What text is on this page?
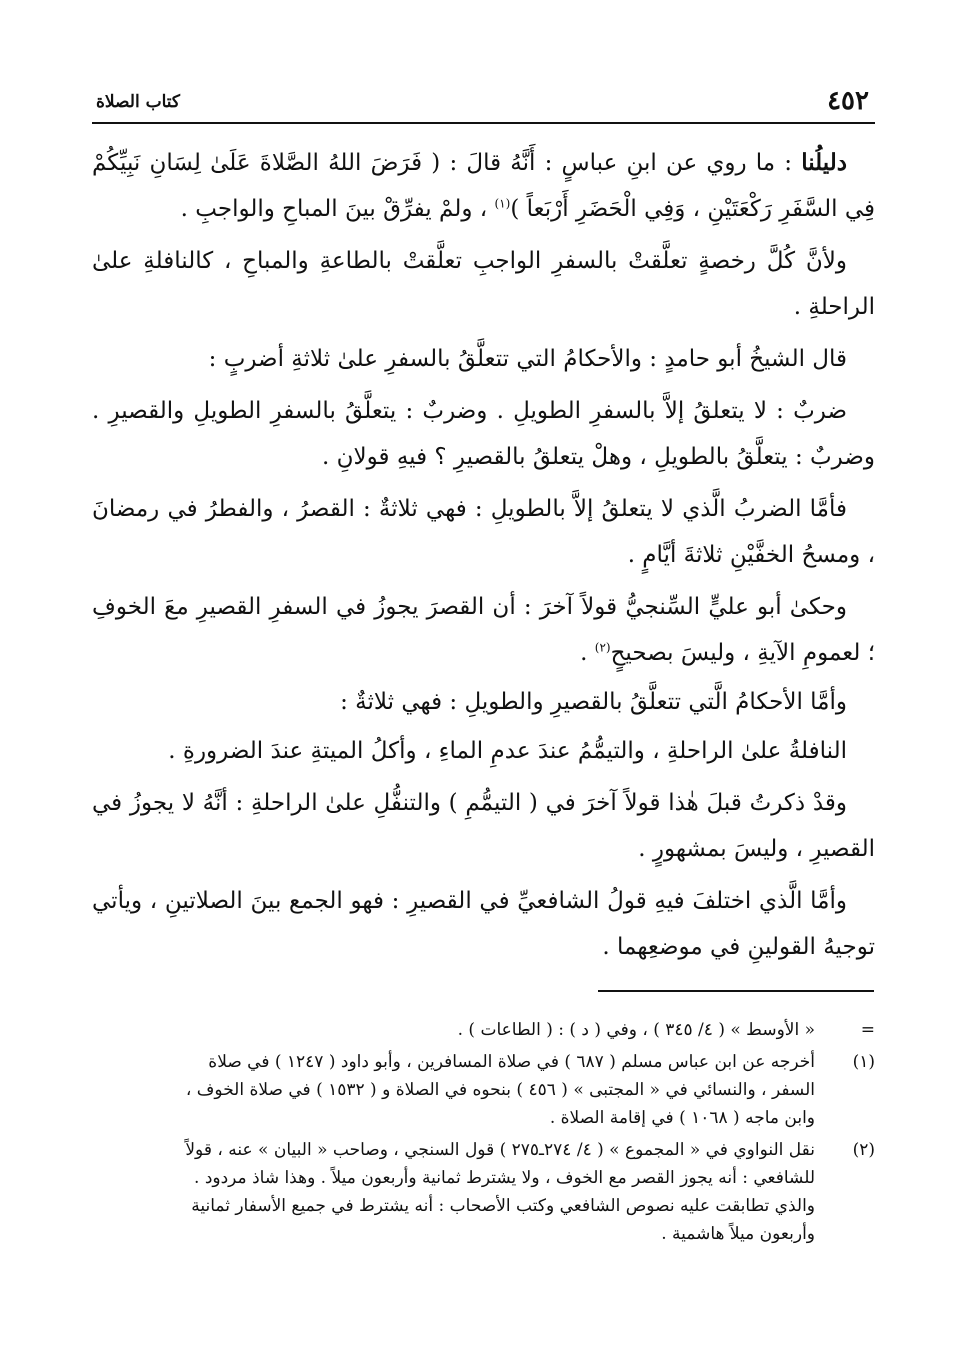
٤٥٢
كتاب الصلاة

دليلُنا : ما روي عن ابنِ عباسٍ : أَنَّهُ قالَ : ( فَرَضَ اللهُ الصَّلاةَ عَلَىٰ لِسَانِ نَبِيِّكُمْ فِي السَّفَرِ رَكْعَتَيْنِ ، وَفِي الْحَضَرِ أَرْبَعاً )$^{(١)}$ ، ولمْ يفرِّقْ بينَ المباحِ والواجبِ .

ولأنَّ كُلَّ رخصةٍ تعلَّقتْ بالسفرِ الواجبِ تعلَّقتْ بالطاعةِ والمباحِ ، كالنافلةِ علىٰ الراحلةِ .

قال الشيخُ أبو حامدٍ : والأحكامُ التي تتعلَّقُ بالسفرِ علىٰ ثلاثةِ أضربٍ :

ضربٌ : لا يتعلقُ إلاَّ بالسفرِ الطويلِ . وضربٌ : يتعلَّقُ بالسفرِ الطويلِ والقصيرِ . وضربٌ : يتعلَّقُ بالطويلِ ، وهلْ يتعلقُ بالقصيرِ ؟ فيهِ قولانِ .

فأمَّا الضربُ الَّذي لا يتعلقُ إلاَّ بالطويلِ : فهي ثلاثةٌ : القصرُ ، والفطرُ في رمضانَ ، ومسحُ الخفَّيْنِ ثلاثةَ أيَّامٍ .

وحكىٰ أبو عليٍّ السِّنجيُّ قولاً آخرَ : أن القصرَ يجوزُ في السفرِ القصيرِ معَ الخوفِ ؛ لعمومِ الآيةِ ، وليسَ بصحيحٍ$^{(٢)}$ .

وأمَّا الأحكامُ الَّتي تتعلَّقُ بالقصيرِ والطويلِ : فهي ثلاثةٌ :

النافلةُ علىٰ الراحلةِ ، والتيمُّمُ عندَ عدمِ الماءِ ، وأكلُ الميتةِ عندَ الضرورةِ .

وقدْ ذكرتُ قبلَ هٰذا قولاً آخرَ في ( التيمُّمِ ) والتنفُّلِ علىٰ الراحلةِ : أنَّهُ لا يجوزُ في القصيرِ ، وليسَ بمشهورٍ .

وأمَّا الَّذي اختلفَ فيهِ قولُ الشافعيِّ في القصيرِ : فهو الجمع بينَ الصلاتينِ ، ويأتي توجيهُ القولينِ في موضعِهما .

=
« الأوسط » ( ٤/ ٣٤٥ ) ، وفي ( د ) : ( الطاعات ) .
(١)
أخرجه عن ابن عباس مسلم ( ٦٨٧ ) في صلاة المسافرين ، وأبو داود ( ١٢٤٧ ) في صلاة
السفر ، والنسائي في « المجتبى » ( ٤٥٦ ) بنحوه في الصلاة و ( ١٥٣٢ ) في صلاة الخوف ،
وابن ماجه ( ١٠٦٨ ) في إقامة الصلاة .
(٢)
نقل النواوي في « المجموع » ( ٤/ ٢٧٤ـ٢٧٥ ) قول السنجي ، وصاحب « البيان » عنه ، قولاً
للشافعي : أنه يجوز القصر مع الخوف ، ولا يشترط ثمانية وأربعون ميلاً . وهذا شاذ مردود .
والذي تطابقت عليه نصوص الشافعي وكتب الأصحاب : أنه يشترط في جميع الأسفار ثمانية
وأربعون ميلاً هاشمية .
